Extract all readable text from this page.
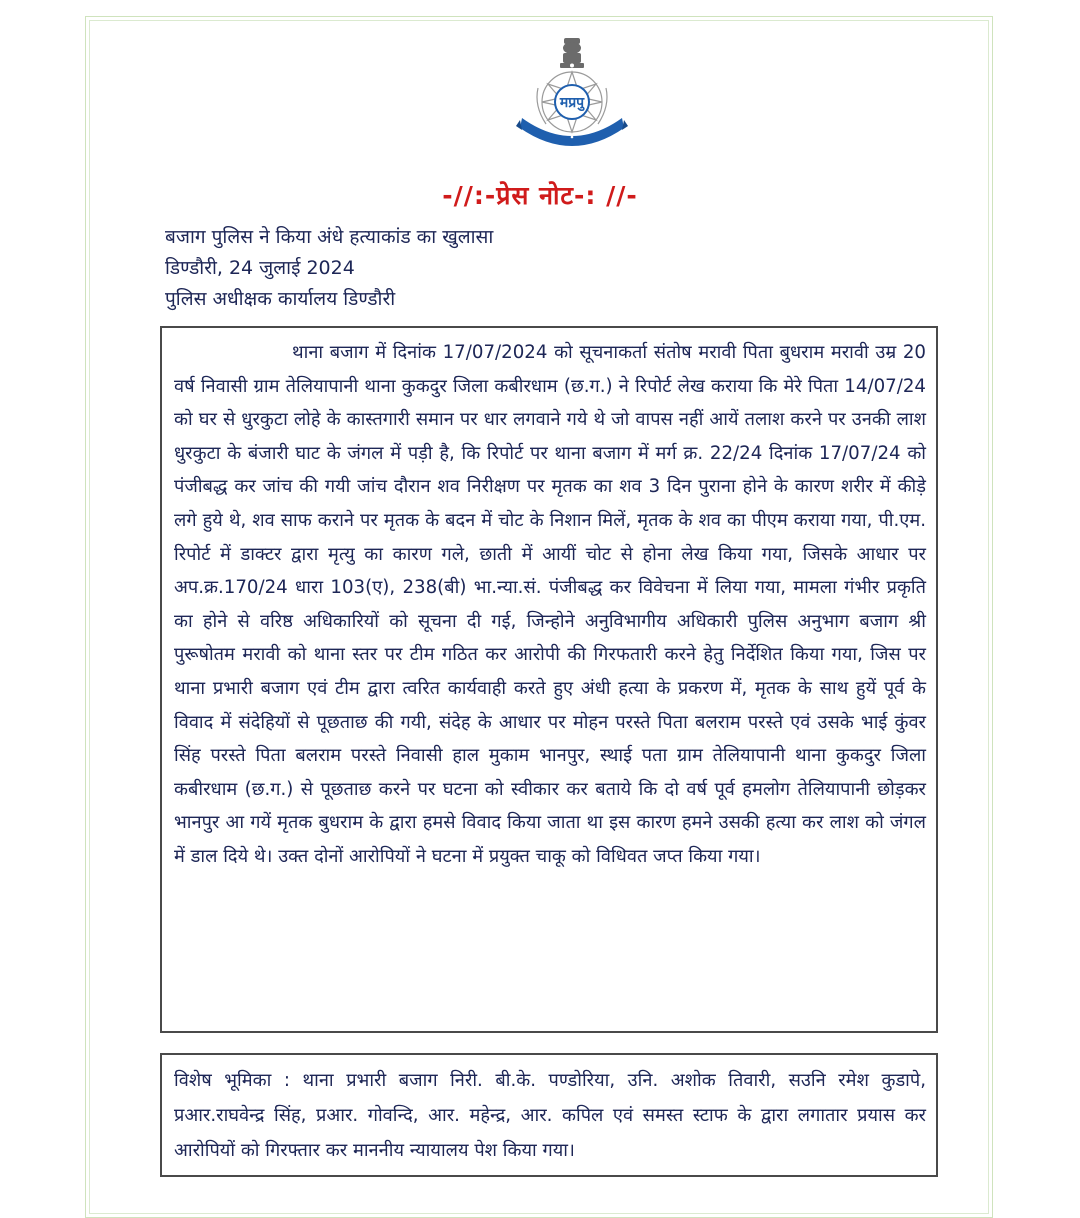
मप्रपु
-//:-प्रेस नोट-: //-
बजाग पुलिस ने किया अंधे हत्याकांड का खुलासा
डिण्डौरी, 24 जुलाई 2024
पुलिस अधीक्षक कार्यालय डिण्डौरी

थाना बजाग में दिनांक 17/07/2024 को सूचनाकर्ता संतोष मरावी पिता बुधराम मरावी उम्र 20 वर्ष निवासी ग्राम तेलियापानी थाना कुकदुर जिला कबीरधाम (छ.ग.) ने रिपोर्ट लेख कराया कि मेरे पिता 14/07/24 को घर से धुरकुटा लोहे के कास्तगारी समान पर धार लगवाने गये थे जो वापस नहीं आयें तलाश करने पर उनकी लाश धुरकुटा के बंजारी घाट के जंगल में पड़ी है, कि रिपोर्ट पर थाना बजाग में मर्ग क्र. 22/24 दिनांक 17/07/24 को पंजीबद्ध कर जांच की गयी जांच दौरान शव निरीक्षण पर मृतक का शव 3 दिन पुराना होने के कारण शरीर में कीड़े लगे हुये थे, शव साफ कराने पर मृतक के बदन में चोट के निशान मिलें, मृतक के शव का पीएम कराया गया, पी.एम. रिपोर्ट में डाक्टर द्वारा मृत्यु का कारण गले, छाती में आयीं चोट से होना लेख किया गया, जिसके आधार पर अप.क्र.170/24 धारा 103(ए), 238(बी) भा.न्या.सं. पंजीबद्ध कर विवेचना में लिया गया, मामला गंभीर प्रकृति का होने से वरिष्ठ अधिकारियों को सूचना दी गई, जिन्होने अनुविभागीय अधिकारी पुलिस अनुभाग बजाग श्री पुरूषोतम मरावी को थाना स्तर पर टीम गठित कर आरोपी की गिरफतारी करने हेतु निर्देशित किया गया, जिस पर थाना प्रभारी बजाग एवं टीम द्वारा त्वरित कार्यवाही करते हुए अंधी हत्या के प्रकरण में, मृतक के साथ हुयें पूर्व के विवाद में संदेहियों से पूछताछ की गयी, संदेह के आधार पर मोहन परस्ते पिता बलराम परस्ते एवं उसके भाई कुंवर सिंह परस्ते पिता बलराम परस्ते निवासी हाल मुकाम भानपुर, स्थाई पता ग्राम तेलियापानी थाना कुकदुर जिला कबीरधाम (छ.ग.) से पूछताछ करने पर घटना को स्वीकार कर बताये कि दो वर्ष पूर्व हमलोग तेलियापानी छोड़कर भानपुर आ गयें मृतक बुधराम के द्वारा हमसे विवाद किया जाता था इस कारण हमने उसकी हत्या कर लाश को जंगल में डाल दिये थे। उक्त दोनों आरोपियों ने घटना में प्रयुक्त चाकू को विधिवत जप्त किया गया।

विशेष भूमिका : थाना प्रभारी बजाग निरी. बी.के. पण्डोरिया, उनि. अशोक तिवारी, सउनि रमेश कुडापे, प्रआर.राघवेन्द्र सिंह, प्रआर. गोवन्दि, आर. महेन्द्र, आर. कपिल एवं समस्त स्टाफ के द्वारा लगातार प्रयास कर आरोपियों को गिरफ्तार कर माननीय न्यायालय पेश किया गया।
